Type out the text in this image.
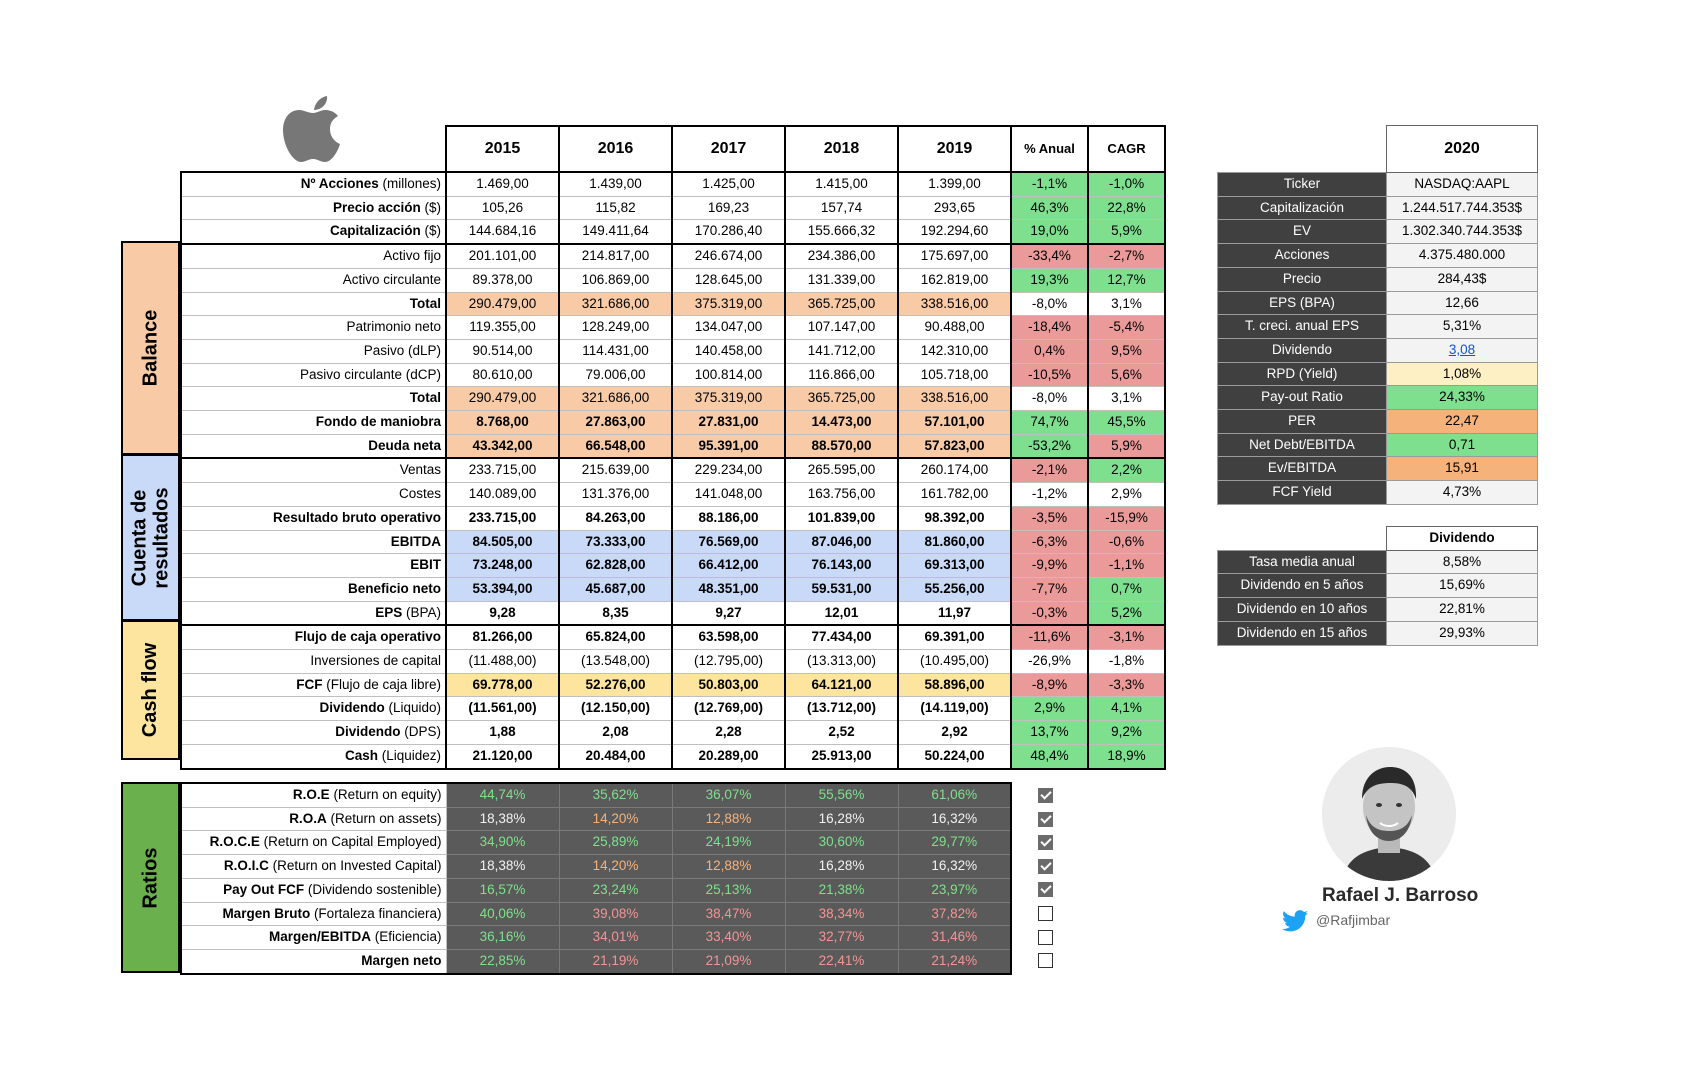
Balance
Cuenta de resultados
Cash flow
	2015	2016	2017	2018	2019	% Anual	CAGR
Nº Acciones (millones)	1.469,00	1.439,00	1.425,00	1.415,00	1.399,00	-1,1%	-1,0%
Precio acción ($)	105,26	115,82	169,23	157,74	293,65	46,3%	22,8%
Capitalización ($)	144.684,16	149.411,64	170.286,40	155.666,32	192.294,60	19,0%	5,9%
Activo fijo	201.101,00	214.817,00	246.674,00	234.386,00	175.697,00	-33,4%	-2,7%
Activo circulante	89.378,00	106.869,00	128.645,00	131.339,00	162.819,00	19,3%	12,7%
Total	290.479,00	321.686,00	375.319,00	365.725,00	338.516,00	-8,0%	3,1%
Patrimonio neto	119.355,00	128.249,00	134.047,00	107.147,00	90.488,00	-18,4%	-5,4%
Pasivo (dLP)	90.514,00	114.431,00	140.458,00	141.712,00	142.310,00	0,4%	9,5%
Pasivo circulante (dCP)	80.610,00	79.006,00	100.814,00	116.866,00	105.718,00	-10,5%	5,6%
Total	290.479,00	321.686,00	375.319,00	365.725,00	338.516,00	-8,0%	3,1%
Fondo de maniobra	8.768,00	27.863,00	27.831,00	14.473,00	57.101,00	74,7%	45,5%
Deuda neta	43.342,00	66.548,00	95.391,00	88.570,00	57.823,00	-53,2%	5,9%
Ventas	233.715,00	215.639,00	229.234,00	265.595,00	260.174,00	-2,1%	2,2%
Costes	140.089,00	131.376,00	141.048,00	163.756,00	161.782,00	-1,2%	2,9%
Resultado bruto operativo	233.715,00	84.263,00	88.186,00	101.839,00	98.392,00	-3,5%	-15,9%
EBITDA	84.505,00	73.333,00	76.569,00	87.046,00	81.860,00	-6,3%	-0,6%
EBIT	73.248,00	62.828,00	66.412,00	76.143,00	69.313,00	-9,9%	-1,1%
Beneficio neto	53.394,00	45.687,00	48.351,00	59.531,00	55.256,00	-7,7%	0,7%
EPS (BPA)	9,28	8,35	9,27	12,01	11,97	-0,3%	5,2%
Flujo de caja operativo	81.266,00	65.824,00	63.598,00	77.434,00	69.391,00	-11,6%	-3,1%
Inversiones de capital	(11.488,00)	(13.548,00)	(12.795,00)	(13.313,00)	(10.495,00)	-26,9%	-1,8%
FCF (Flujo de caja libre)	69.778,00	52.276,00	50.803,00	64.121,00	58.896,00	-8,9%	-3,3%
Dividendo (Liquido)	(11.561,00)	(12.150,00)	(12.769,00)	(13.712,00)	(14.119,00)	2,9%	4,1%
Dividendo (DPS)	1,88	2,08	2,28	2,52	2,92	13,7%	9,2%
Cash (Liquidez)	21.120,00	20.484,00	20.289,00	25.913,00	50.224,00	48,4%	18,9%
Ratios
R.O.E (Return on equity)	44,74%	35,62%	36,07%	55,56%	61,06%
R.O.A (Return on assets)	18,38%	14,20%	12,88%	16,28%	16,32%
R.O.C.E (Return on Capital Employed)	34,90%	25,89%	24,19%	30,60%	29,77%
R.O.I.C (Return on Invested Capital)	18,38%	14,20%	12,88%	16,28%	16,32%
Pay Out FCF (Dividendo sostenible)	16,57%	23,24%	25,13%	21,38%	23,97%
Margen Bruto (Fortaleza financiera)	40,06%	39,08%	38,47%	38,34%	37,82%
Margen/EBITDA (Eficiencia)	36,16%	34,01%	33,40%	32,77%	31,46%
Margen neto	22,85%	21,19%	21,09%	22,41%	21,24%
	2020
Ticker	NASDAQ:AAPL
Capitalización	1.244.517.744.353$
EV	1.302.340.744.353$
Acciones	4.375.480.000
Precio	284,43$
EPS (BPA)	12,66
T. creci. anual EPS	5,31%
Dividendo	3,08
RPD (Yield)	1,08%
Pay-out Ratio	24,33%
PER	22,47
Net Debt/EBITDA	0,71
Ev/EBITDA	15,91
FCF Yield	4,73%
	Dividendo
Tasa media anual	8,58%
Dividendo en 5 años	15,69%
Dividendo en 10 años	22,81%
Dividendo en 15 años	29,93%
Rafael J. Barroso
@Rafjimbar
